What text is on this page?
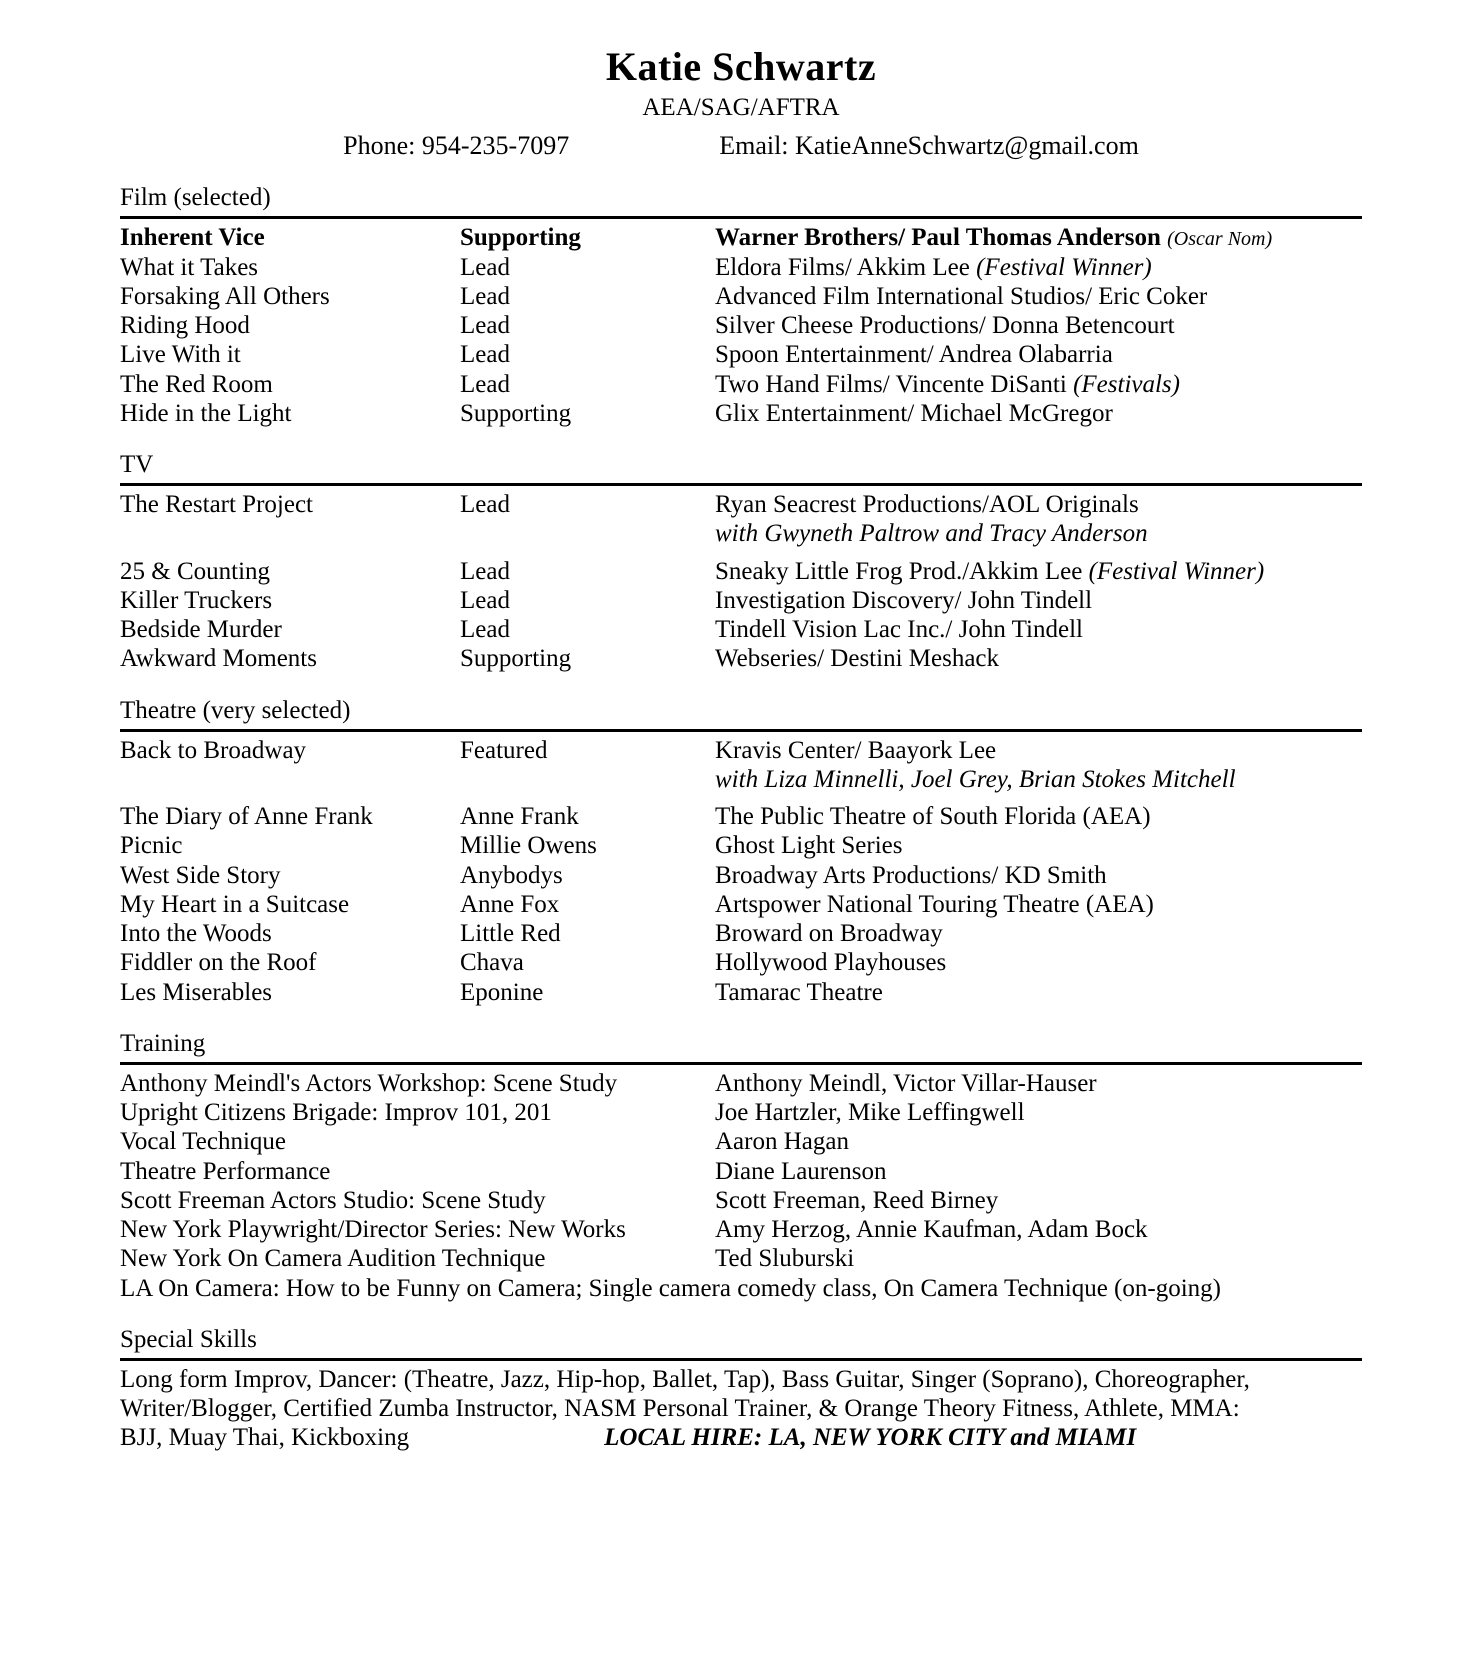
Katie Schwartz
AEA/SAG/AFTRA
Phone: 954-235-7097	Email: KatieAnneSchwartz@gmail.com
Film (selected)
Inherent Vice	Supporting	Warner Brothers/ Paul Thomas Anderson (Oscar Nom)
What it Takes	Lead	Eldora Films/ Akkim Lee (Festival Winner)
Forsaking All Others	Lead	Advanced Film International Studios/ Eric Coker
Riding Hood	Lead	Silver Cheese Productions/ Donna Betencourt
Live With it	Lead	Spoon Entertainment/ Andrea Olabarria
The Red Room	Lead	Two Hand Films/ Vincente DiSanti (Festivals)
Hide in the Light	Supporting	Glix Entertainment/ Michael McGregor
TV
The Restart Project	Lead	Ryan Seacrest Productions/AOL Originals
with Gwyneth Paltrow and Tracy Anderson

25 & Counting	Lead	Sneaky Little Frog Prod./Akkim Lee (Festival Winner)
Killer Truckers	Lead	Investigation Discovery/ John Tindell
Bedside Murder	Lead	Tindell Vision Lac Inc./ John Tindell
Awkward Moments	Supporting	Webseries/ Destini Meshack
Theatre (very selected)
Back to Broadway	Featured	Kravis Center/ Baayork Lee
with Liza Minnelli, Joel Grey, Brian Stokes Mitchell

The Diary of Anne Frank	Anne Frank	The Public Theatre of South Florida (AEA)
Picnic	Millie Owens	Ghost Light Series
West Side Story	Anybodys	Broadway Arts Productions/ KD Smith
My Heart in a Suitcase	Anne Fox	Artspower National Touring Theatre (AEA)
Into the Woods	Little Red	Broward on Broadway
Fiddler on the Roof	Chava	Hollywood Playhouses
Les Miserables	Eponine	Tamarac Theatre
Training
Anthony Meindl's Actors Workshop: Scene Study	Anthony Meindl, Victor Villar-Hauser
Upright Citizens Brigade: Improv 101, 201	Joe Hartzler, Mike Leffingwell
Vocal Technique	Aaron Hagan
Theatre Performance	Diane Laurenson
Scott Freeman Actors Studio: Scene Study	Scott Freeman, Reed Birney
New York Playwright/Director Series: New Works	Amy Herzog, Annie Kaufman, Adam Bock
New York On Camera Audition Technique	Ted Sluburski
LA On Camera: How to be Funny on Camera; Single camera comedy class, On Camera Technique (on-going)	
Special Skills
Long form Improv, Dancer: (Theatre, Jazz, Hip-hop, Ballet, Tap), Bass Guitar, Singer (Soprano), Choreographer,
Writer/Blogger, Certified Zumba Instructor, NASM Personal Trainer, & Orange Theory Fitness, Athlete, MMA:
BJJ, Muay Thai, Kickboxing	LOCAL HIRE: LA, NEW YORK CITY and MIAMI
